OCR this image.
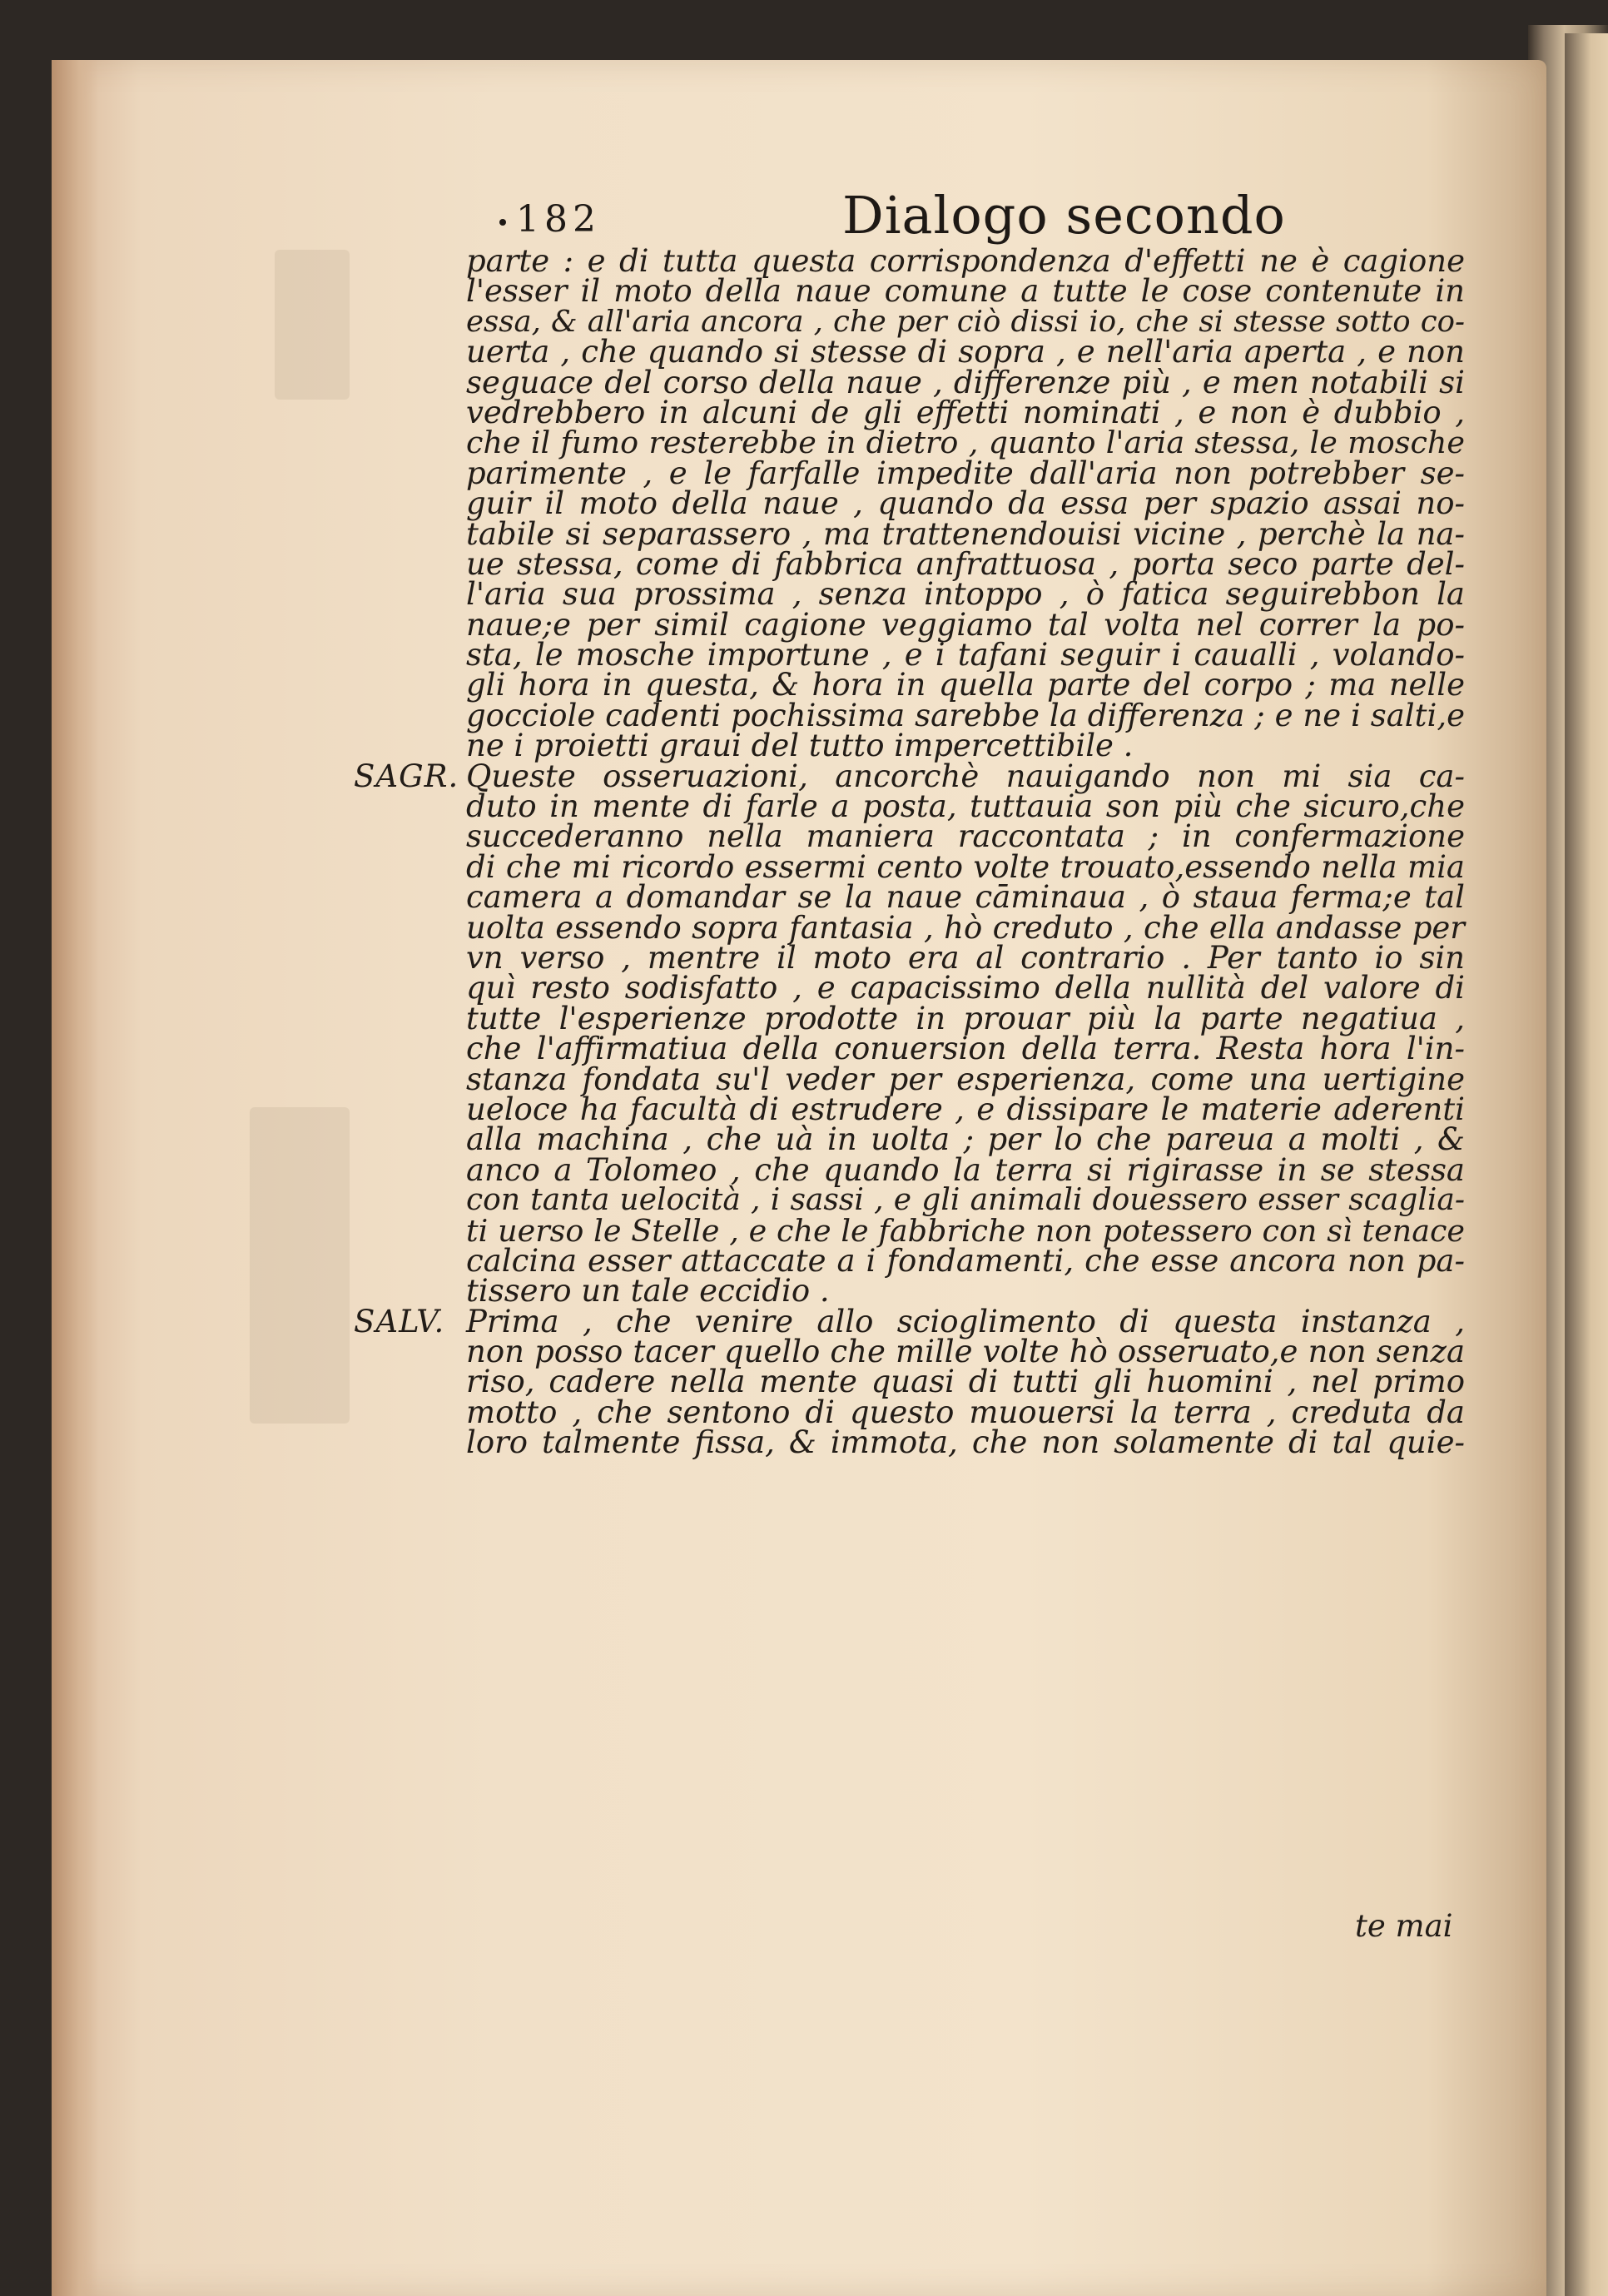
182	Dialogo secondo
parte : e di tutta questa corrispondenza d'effetti ne è cagione
l'esser il moto della naue comune a tutte le cose contenute in
essa, & all'aria ancora , che per ciò dissi io, che si stesse sotto co-
uerta , che quando si stesse di sopra , e nell'aria aperta , e non
seguace del corso della naue , differenze più , e men notabili si
vedrebbero in alcuni de gli effetti nominati , e non è dubbio ,
che il fumo resterebbe in dietro , quanto l'aria stessa, le mosche
parimente , e le farfalle impedite dall'aria non potrebber se-
guir il moto della naue , quando da essa per spazio assai no-
tabile si separassero , ma trattenendouisi vicine , perchè la na-
ue stessa, come di fabbrica anfrattuosa , porta seco parte del-
l'aria sua prossima , senza intoppo , ò fatica seguirebbon la
naue;e per simil cagione veggiamo tal volta nel correr la po-
sta, le mosche importune , e i tafani seguir i caualli , volando-
gli hora in questa, & hora in quella parte del corpo ; ma nelle
gocciole cadenti pochissima sarebbe la differenza ; e ne i salti,e
ne i proietti graui del tutto impercettibile .
SAGR. Queste osseruazioni, ancorchè nauigando non mi sia ca-
duto in mente di farle a posta, tuttauia son più che sicuro,che
succederanno nella maniera raccontata ; in confermazione
di che mi ricordo essermi cento volte trouato,essendo nella mia
camera a domandar se la naue cāminaua , ò staua ferma;e tal
uolta essendo sopra fantasia , hò creduto , che ella andasse per
vn verso , mentre il moto era al contrario . Per tanto io sin
quì resto sodisfatto , e capacissimo della nullità del valore di
tutte l'esperienze prodotte in prouar più la parte negatiua ,
che l'affirmatiua della conuersion della terra. Resta hora l'in-
stanza fondata su'l veder per esperienza, come una uertigine
ueloce ha facultà di estrudere , e dissipare le materie aderenti
alla machina , che uà in uolta ; per lo che pareua a molti , &
anco a Tolomeo , che quando la terra si rigirasse in se stessa
con tanta uelocità , i sassi , e gli animali douessero esser scaglia-
ti uerso le Stelle , e che le fabbriche non potessero con sì tenace
calcina esser attaccate a i fondamenti, che esse ancora non pa-
tissero un tale eccidio .
SALV. Prima , che venire allo scioglimento di questa instanza ,
non posso tacer quello che mille volte hò osseruato,e non senza
riso, cadere nella mente quasi di tutti gli huomini , nel primo
motto , che sentono di questo muouersi la terra , creduta da
loro talmente fissa, & immota, che non solamente di tal quie-
te mai
